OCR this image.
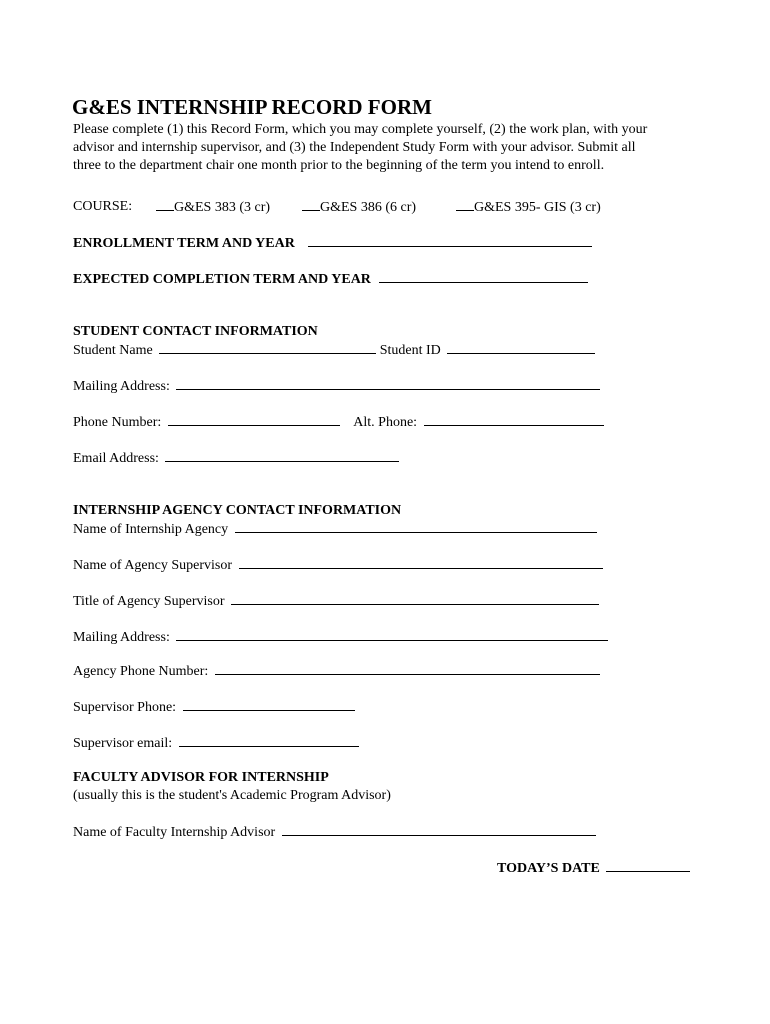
G&ES INTERNSHIP RECORD FORM

Please complete (1) this Record Form, which you may complete yourself, (2) the work plan, with your

advisor and internship supervisor, and (3) the Independent Study Form with your advisor. Submit all

three to the department chair one month prior to the beginning of the term you intend to enroll.

COURSE:	G&ES 383 (3 cr)	G&ES 386 (6 cr)	G&ES 395- GIS (3 cr)
ENROLLMENT TERM AND YEAR
EXPECTED COMPLETION TERM AND YEAR
STUDENT CONTACT INFORMATION
Student Name	Student ID
Mailing Address:
Phone Number:	Alt. Phone:
Email Address:
INTERNSHIP AGENCY CONTACT INFORMATION
Name of Internship Agency
Name of Agency Supervisor
Title of Agency Supervisor
Mailing Address:
Agency Phone Number:
Supervisor Phone:
Supervisor email:
FACULTY ADVISOR FOR INTERNSHIP
(usually this is the student's Academic Program Advisor)
Name of Faculty Internship Advisor
TODAY’S DATE
